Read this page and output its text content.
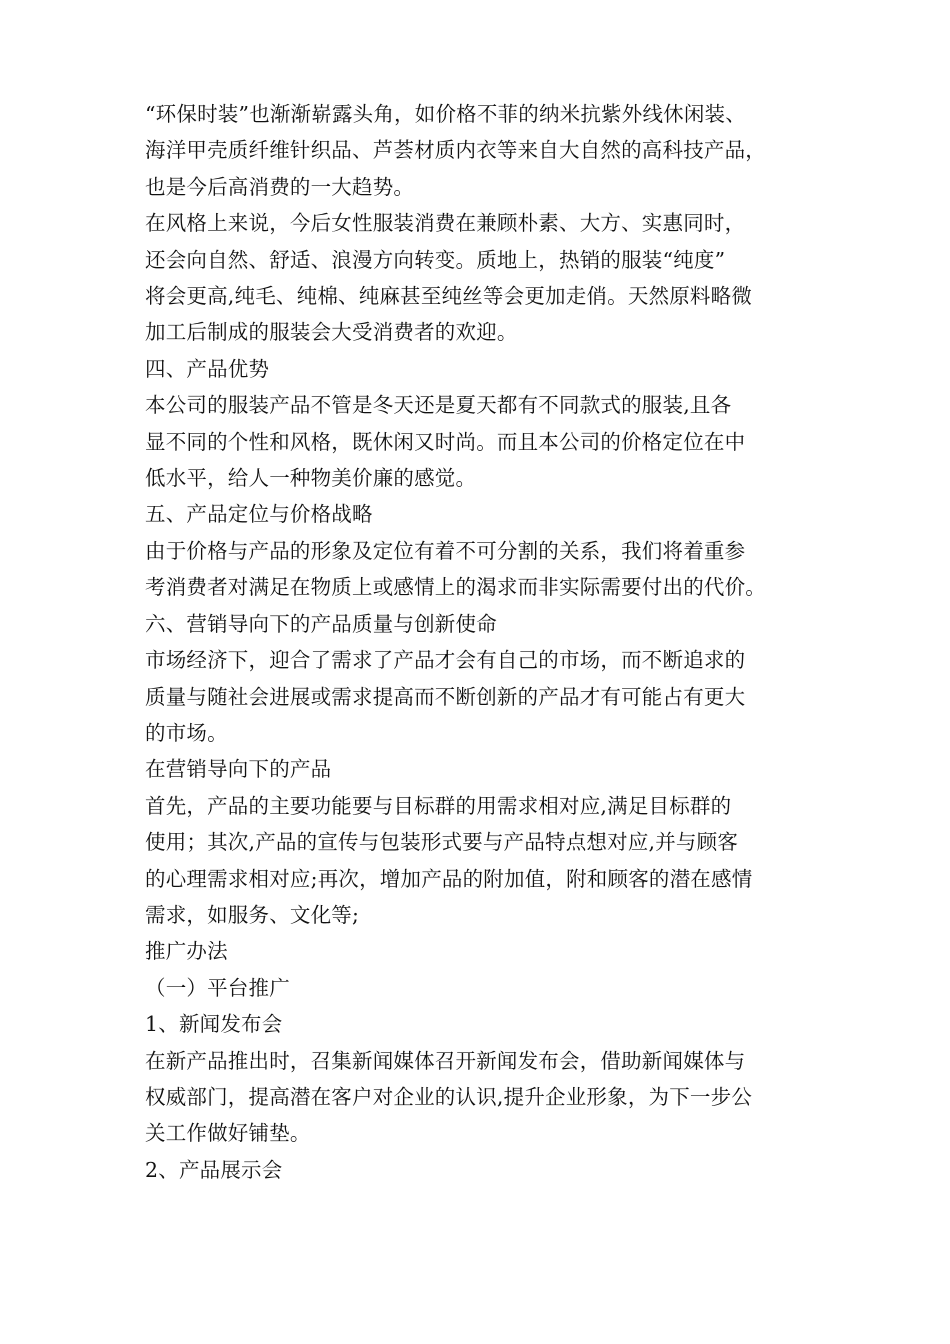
“环保时装”也渐渐崭露头角，如价格不菲的纳米抗紫外线休闲装、

海洋甲壳质纤维针织品、芦荟材质内衣等来自大自然的高科技产品，

也是今后高消费的一大趋势。

在风格上来说，今后女性服装消费在兼顾朴素、大方、实惠同时，

还会向自然、舒适、浪漫方向转变。质地上，热销的服装“纯度”

将会更高,纯毛、纯棉、纯麻甚至纯丝等会更加走俏。天然原料略微

加工后制成的服装会大受消费者的欢迎。

四、产品优势

本公司的服装产品不管是冬天还是夏天都有不同款式的服装,且各

显不同的个性和风格，既休闲又时尚。而且本公司的价格定位在中

低水平，给人一种物美价廉的感觉。

五、产品定位与价格战略

由于价格与产品的形象及定位有着不可分割的关系，我们将着重参

考消费者对满足在物质上或感情上的渴求而非实际需要付出的代价。

六、营销导向下的产品质量与创新使命

市场经济下，迎合了需求了产品才会有自己的市场，而不断追求的

质量与随社会进展或需求提高而不断创新的产品才有可能占有更大

的市场。

在营销导向下的产品

首先，产品的主要功能要与目标群的用需求相对应,满足目标群的

使用；其次,产品的宣传与包装形式要与产品特点想对应,并与顾客

的心理需求相对应;再次，增加产品的附加值，附和顾客的潜在感情

需求，如服务、文化等;

推广办法

（一）平台推广

1、新闻发布会

在新产品推出时，召集新闻媒体召开新闻发布会，借助新闻媒体与

权威部门，提高潜在客户对企业的认识,提升企业形象，为下一步公

关工作做好铺垫。

2、产品展示会
